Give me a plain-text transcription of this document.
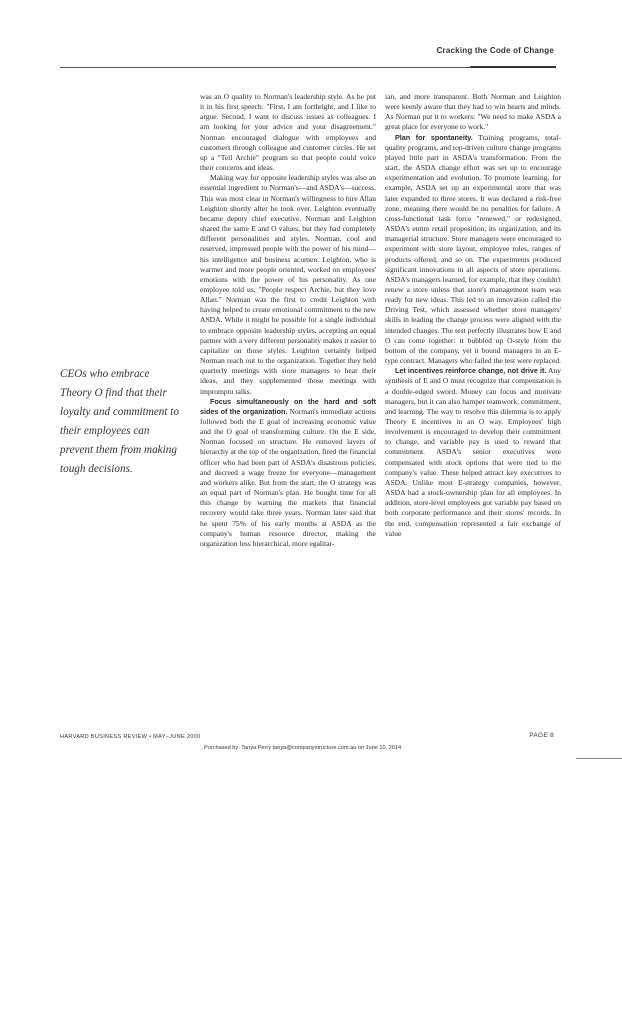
Cracking the Code of Change
CEOs who embrace Theory O find that their loyalty and commitment to their employees can prevent them from making tough decisions.

was an O quality to Norman's leadership style. As he put it in his first speech: "First, I am forthright, and I like to argue. Second, I want to discuss issues as colleagues. I am looking for your advice and your disagreement." Norman encouraged dialogue with employees and customers through colleague and customer circles. He set up a "Tell Archie" program so that people could voice their concerns and ideas.

Making way for opposite leadership styles was also an essential ingredient to Norman's—and ASDA's—success. This was most clear in Norman's willingness to hire Allan Leighton shortly after he took over. Leighton eventually became deputy chief executive. Norman and Leighton shared the same E and O values, but they had completely different personalities and styles. Norman, cool and reserved, impressed people with the power of his mind—his intelligence and business acumen. Leighton, who is warmer and more people oriented, worked on employees' emotions with the power of his personality. As one employee told us, "People respect Archie, but they love Allan." Norman was the first to credit Leighton with having helped to create emotional commitment to the new ASDA. While it might be possible for a single individual to embrace opposite leadership styles, accepting an equal partner with a very different personality makes it easier to capitalize on those styles. Leighton certainly helped Norman reach out to the organization. Together they held quarterly meetings with store managers to hear their ideas, and they supplemented those meetings with impromptu talks.

Focus simultaneously on the hard and soft sides of the organization. Norman's immediate actions followed both the E goal of increasing economic value and the O goal of transforming culture. On the E side, Norman focused on structure. He removed layers of hierarchy at the top of the organization, fired the financial officer who had been part of ASDA's disastrous policies, and decreed a wage freeze for everyone—management and workers alike. But from the start, the O strategy was an equal part of Norman's plan. He bought time for all this change by warning the markets that financial recovery would take three years. Norman later said that he spent 75% of his early months at ASDA as the company's human resource director, making the organization less hierarchical, more egalitar-

ian, and more transparent. Both Norman and Leighton were keenly aware that they had to win hearts and minds. As Norman put it to workers: "We need to make ASDA a great place for everyone to work."

Plan for spontaneity. Training programs, total-quality programs, and top-driven culture change programs played little part in ASDA's transformation. From the start, the ASDA change effort was set up to encourage experimentation and evolution. To promote learning, for example, ASDA set up an experimental store that was later expanded to three stores. It was declared a risk-free zone, meaning there would be no penalties for failure. A cross-functional task force "renewed," or redesigned, ASDA's entire retail proposition, its organization, and its managerial structure. Store managers were encouraged to experiment with store layout, employee roles, ranges of products offered, and so on. The experiments produced significant innovations in all aspects of store operations. ASDA's managers learned, for example, that they couldn't renew a store unless that store's management team was ready for new ideas. This led to an innovation called the Driving Test, which assessed whether store managers' skills in leading the change process were aligned with the intended changes. The test perfectly illustrates how E and O can come together: it bubbled up O-style from the bottom of the company, yet it bound managers in an E-type contract. Managers who failed the test were replaced.

Let incentives reinforce change, not drive it. Any synthesis of E and O must recognize that compensation is a double-edged sword. Money can focus and motivate managers, but it can also hamper teamwork, commitment, and learning. The way to resolve this dilemma is to apply Theory E incentives in an O way. Employees' high involvement is encouraged to develop their commitment to change, and variable pay is used to reward that commitment. ASDA's senior executives were compensated with stock options that were tied to the company's value. These helped attract key executives to ASDA. Unlike most E-strategy companies, however, ASDA had a stock-ownership plan for all employees. In addition, store-level employees got variable pay based on both corporate performance and their stores' records. In the end, compensation represented a fair exchange of value

HARVARD BUSINESS REVIEW • MAY–JUNE 2000	PAGE 8
Purchased by: Tanya Perry tanya@companystructure.com.au on June 10, 2014
